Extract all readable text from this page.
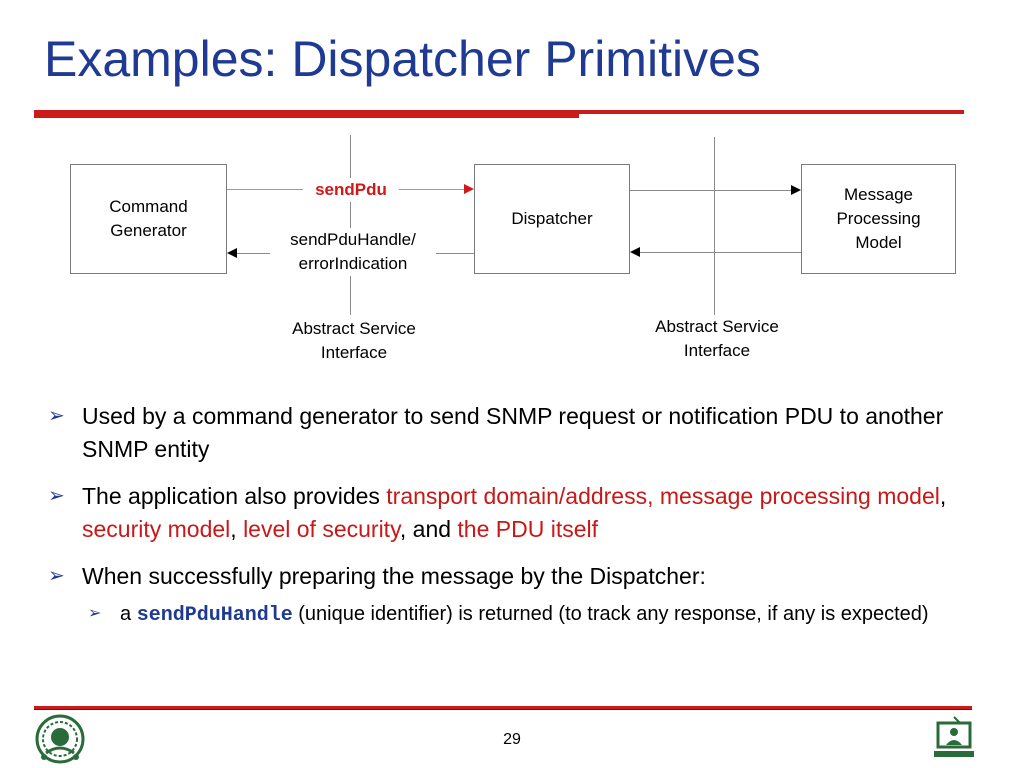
Examples: Dispatcher Primitives
Command
Generator
Dispatcher
Message
Processing
Model
sendPdu
sendPduHandle/
errorIndication
Abstract Service
Interface
Abstract Service
Interface
➢ Used by a command generator to send SNMP request or notification PDU to another SNMP entity
➢ The application also provides transport domain/address, message processing model, security model, level of security, and the PDU itself
➢ When successfully preparing the message by the Dispatcher:
➢ a sendPduHandle (unique identifier) is returned (to track any response, if any is expected)
29
